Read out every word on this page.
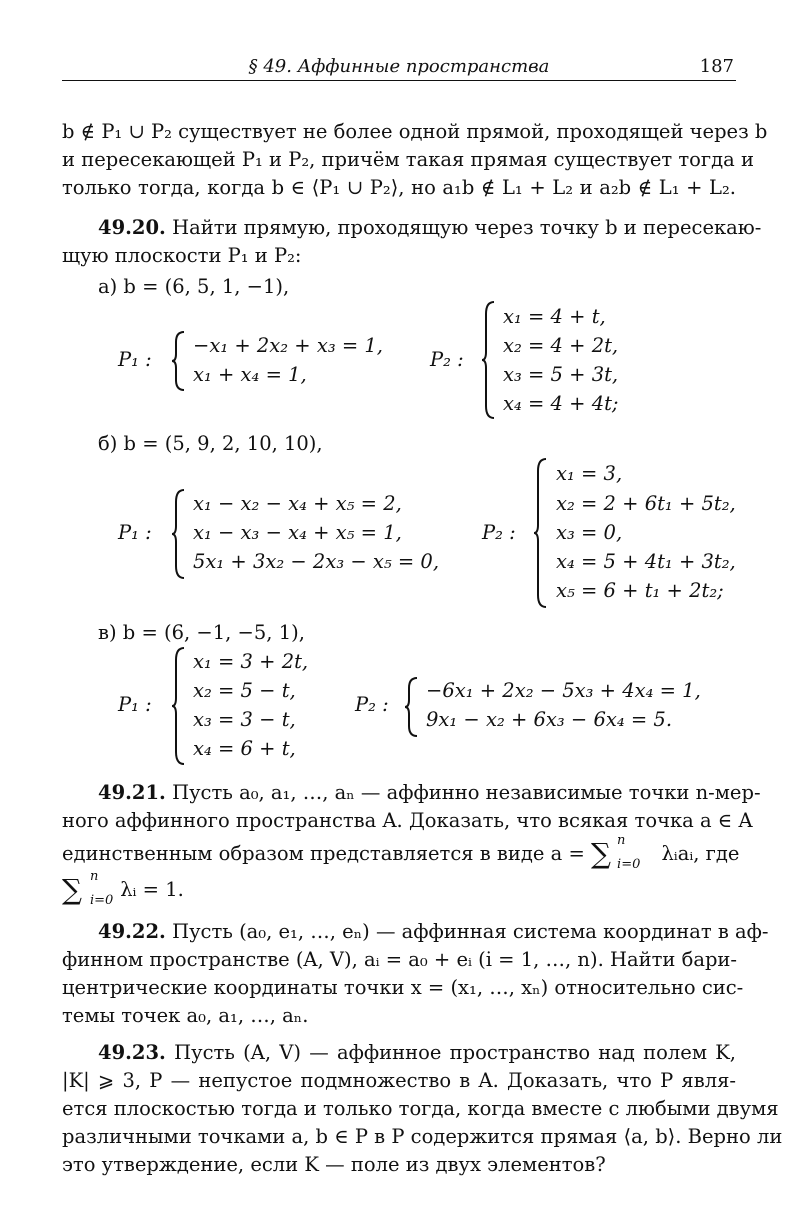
§ 49. Аффинные пространства	187
b ∉ P₁ ∪ P₂ существует не более одной прямой, проходящей через b
и пересекающей P₁ и P₂, причём такая прямая существует тогда и
только тогда, когда b ∈ ⟨P₁ ∪ P₂⟩, но a₁b ∉ L₁ + L₂ и a₂b ∉ L₁ + L₂.
49.20. Найти прямую, проходящую через точку b и пересекаю-
щую плоскости P₁ и P₂:
а) b = (6, 5, 1, −1),
P₁ :
−x₁ + 2x₂ + x₃ = 1,
x₁ + x₄ = 1,
P₂ :
x₁ = 4 + t,
x₂ = 4 + 2t,
x₃ = 5 + 3t,
x₄ = 4 + 4t;
б) b = (5, 9, 2, 10, 10),
P₁ :
x₁ − x₂ − x₄ + x₅ = 2,
x₁ − x₃ − x₄ + x₅ = 1,
5x₁ + 3x₂ − 2x₃ − x₅ = 0,
P₂ :
x₁ = 3,
x₂ = 2 + 6t₁ + 5t₂,
x₃ = 0,
x₄ = 5 + 4t₁ + 3t₂,
x₅ = 6 + t₁ + 2t₂;
в) b = (6, −1, −5, 1),
P₁ :
x₁ = 3 + 2t,
x₂ = 5 − t,
x₃ = 3 − t,
x₄ = 6 + t,
P₂ :
−6x₁ + 2x₂ − 5x₃ + 4x₄ = 1,
9x₁ − x₂ + 6x₃ − 6x₄ = 5.
49.21. Пусть a₀, a₁, …, aₙ — аффинно независимые точки n-мер-
ного аффинного пространства A. Доказать, что всякая точка a ∈ A
единственным образом представляется в виде a = ∑ n
i=0 λᵢaᵢ, где
∑ n
i=0 λᵢ = 1.
49.22. Пусть (a₀, e₁, …, eₙ) — аффинная система координат в аф-
финном пространстве (A, V), aᵢ = a₀ + eᵢ (i = 1, …, n). Найти бари-
центрические координаты точки x = (x₁, …, xₙ) относительно сис-
темы точек a₀, a₁, …, aₙ.
49.23. Пусть (A, V) — аффинное пространство над полем K,
|K| ⩾ 3, P — непустое подмножество в A. Доказать, что P явля-
ется плоскостью тогда и только тогда, когда вместе с любыми двумя
различными точками a, b ∈ P в P содержится прямая ⟨a, b⟩. Верно ли
это утверждение, если K — поле из двух элементов?
